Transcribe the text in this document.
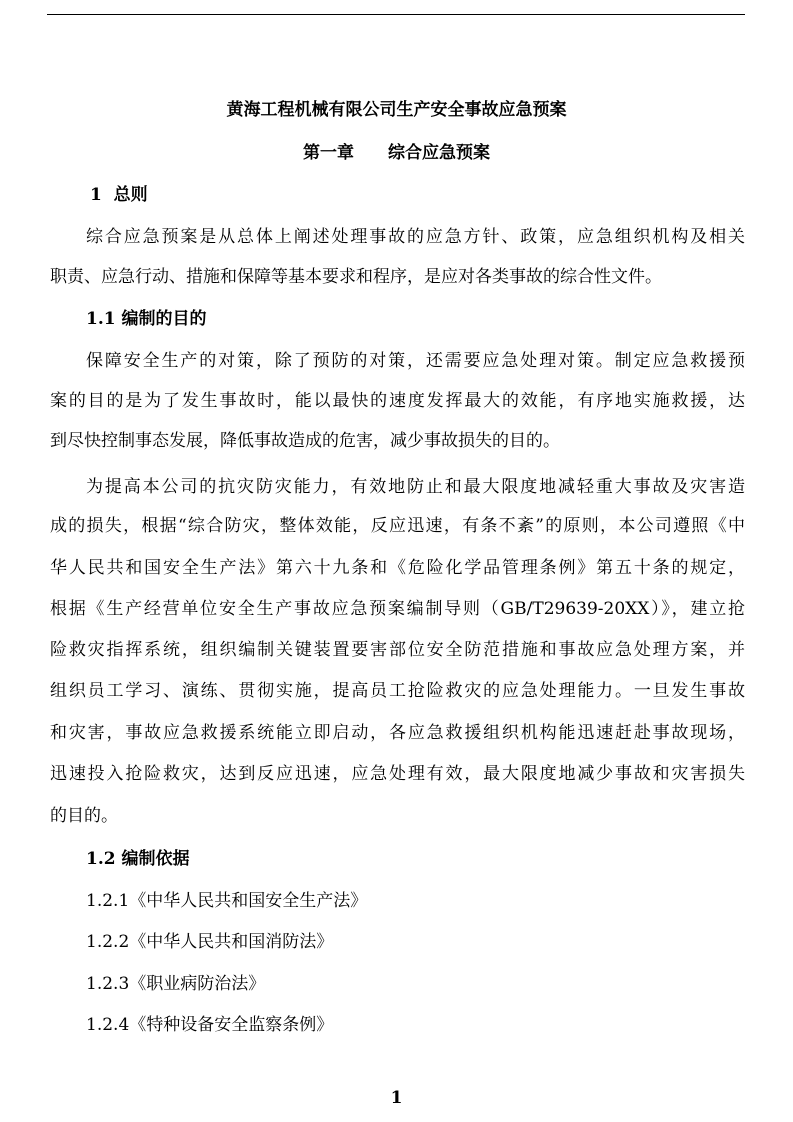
黄海工程机械有限公司生产安全事故应急预案
第一章　　综合应急预案
1  总则
综合应急预案是从总体上阐述处理事故的应急方针、政策，应急组织机构及相关
职责、应急行动、措施和保障等基本要求和程序，是应对各类事故的综合性文件。
1.1 编制的目的
保障安全生产的对策，除了预防的对策，还需要应急处理对策。制定应急救援预
案的目的是为了发生事故时，能以最快的速度发挥最大的效能，有序地实施救援，达
到尽快控制事态发展，降低事故造成的危害，减少事故损失的目的。
为提高本公司的抗灾防灾能力，有效地防止和最大限度地减轻重大事故及灾害造
成的损失，根据“综合防灾，整体效能，反应迅速，有条不紊”的原则，本公司遵照《中
华人民共和国安全生产法》第六十九条和《危险化学品管理条例》第五十条的规定，
根据《生产经营单位安全生产事故应急预案编制导则（GB/T29639-20XX）》，建立抢
险救灾指挥系统，组织编制关键装置要害部位安全防范措施和事故应急处理方案，并
组织员工学习、演练、贯彻实施，提高员工抢险救灾的应急处理能力。一旦发生事故
和灾害，事故应急救援系统能立即启动，各应急救援组织机构能迅速赶赴事故现场，
迅速投入抢险救灾，达到反应迅速，应急处理有效，最大限度地减少事故和灾害损失
的目的。
1.2 编制依据
1.2.1《中华人民共和国安全生产法》
1.2.2《中华人民共和国消防法》
1.2.3《职业病防治法》
1.2.4《特种设备安全监察条例》
1
